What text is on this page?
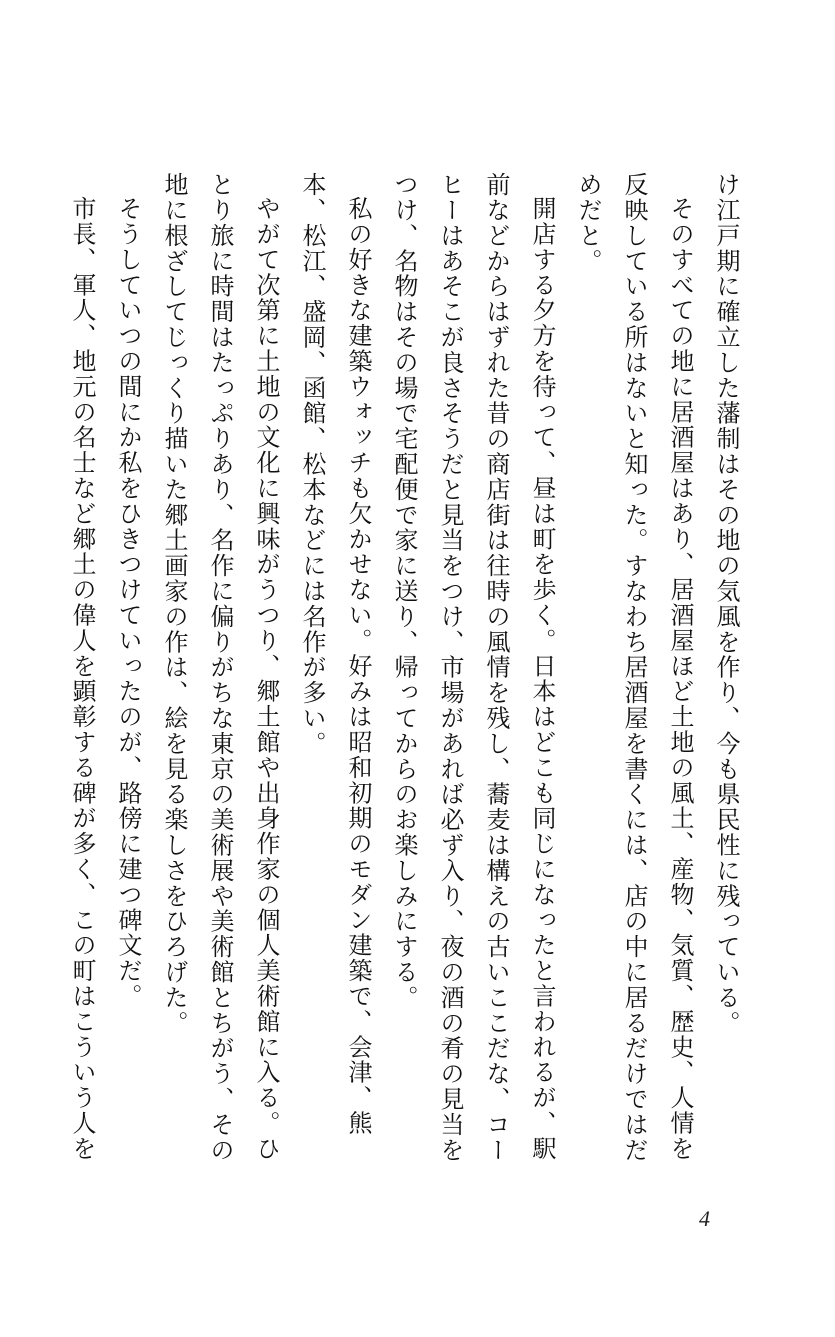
け江戸期に確立した藩制はその地の気風を作り、今も県民性に残っている。

そのすべての地に居酒屋はあり、居酒屋ほど土地の風土、産物、気質、歴史、人情を反映している所はないと知った。すなわち居酒屋を書くには、店の中に居るだけではだめだと。

開店する夕方を待って、昼は町を歩く。日本はどこも同じになったと言われるが、駅前などからはずれた昔の商店街は往時の風情を残し、蕎麦は構えの古いここだな、コーヒーはあそこが良さそうだと見当をつけ、市場があれば必ず入り、夜の酒の肴の見当をつけ、名物はその場で宅配便で家に送り、帰ってからのお楽しみにする。

私の好きな建築ウォッチも欠かせない。好みは昭和初期のモダン建築で、会津、熊本、松江、盛岡、函館、松本などには名作が多い。

やがて次第に土地の文化に興味がうつり、郷土館や出身作家の個人美術館に入る。ひとり旅に時間はたっぷりあり、名作に偏りがちな東京の美術展や美術館とちがう、その地に根ざしてじっくり描いた郷土画家の作は、絵を見る楽しさをひろげた。

そうしていつの間にか私をひきつけていったのが、路傍に建つ碑文だ。

市長、軍人、地元の名士など郷土の偉人を顕彰する碑が多く、この町はこういう人を

4
